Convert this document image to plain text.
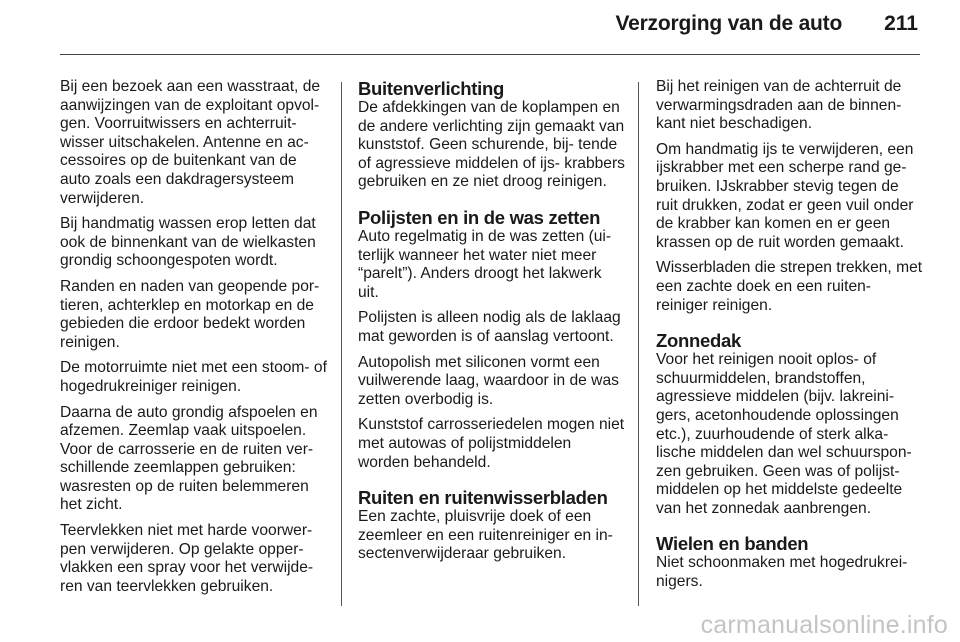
Verzorging van de auto 211

Bij een bezoek aan een wasstraat, de aanwijzingen van de exploitant opvol- gen. Voorruitwissers en achterruit- wisser uitschakelen. Antenne en ac- cessoires op de buitenkant van de auto zoals een dakdragersysteem verwijderen.

Bij handmatig wassen erop letten dat ook de binnenkant van de wielkasten grondig schoongespoten wordt.

Randen en naden van geopende por- tieren, achterklep en motorkap en de gebieden die erdoor bedekt worden reinigen.

De motorruimte niet met een stoom- of hogedrukreiniger reinigen.

Daarna de auto grondig afspoelen en afzemen. Zeemlap vaak uitspoelen. Voor de carrosserie en de ruiten ver- schillende zeemlappen gebruiken: wasresten op de ruiten belemmeren het zicht.

Teervlekken niet met harde voorwer- pen verwijderen. Op gelakte opper- vlakken een spray voor het verwijde- ren van teervlekken gebruiken.

Buitenverlichting

De afdekkingen van de koplampen en de andere verlichting zijn gemaakt van kunststof. Geen schurende, bij- tende of agressieve middelen of ijs- krabbers gebruiken en ze niet droog reinigen.

Polijsten en in de was zetten

Auto regelmatig in de was zetten (ui- terlijk wanneer het water niet meer “parelt”). Anders droogt het lakwerk uit.

Polijsten is alleen nodig als de laklaag mat geworden is of aanslag vertoont.

Autopolish met siliconen vormt een vuilwerende laag, waardoor in de was zetten overbodig is.

Kunststof carrosseriedelen mogen niet met autowas of polijstmiddelen worden behandeld.

Ruiten en ruitenwisserbladen

Een zachte, pluisvrije doek of een zeemleer en een ruitenreiniger en in- sectenverwijderaar gebruiken.

Bij het reinigen van de achterruit de verwarmingsdraden aan de binnen- kant niet beschadigen.

Om handmatig ijs te verwijderen, een ijskrabber met een scherpe rand ge- bruiken. IJskrabber stevig tegen de ruit drukken, zodat er geen vuil onder de krabber kan komen en er geen krassen op de ruit worden gemaakt.

Wisserbladen die strepen trekken, met een zachte doek en een ruiten- reiniger reinigen.

Zonnedak

Voor het reinigen nooit oplos- of schuurmiddelen, brandstoffen, agressieve middelen (bijv. lakreini- gers, acetonhoudende oplossingen etc.), zuurhoudende of sterk alka- lische middelen dan wel schuurspon- zen gebruiken. Geen was of polijst- middelen op het middelste gedeelte van het zonnedak aanbrengen.

Wielen en banden

Niet schoonmaken met hogedrukrei- nigers.

carmanualsonline.info
